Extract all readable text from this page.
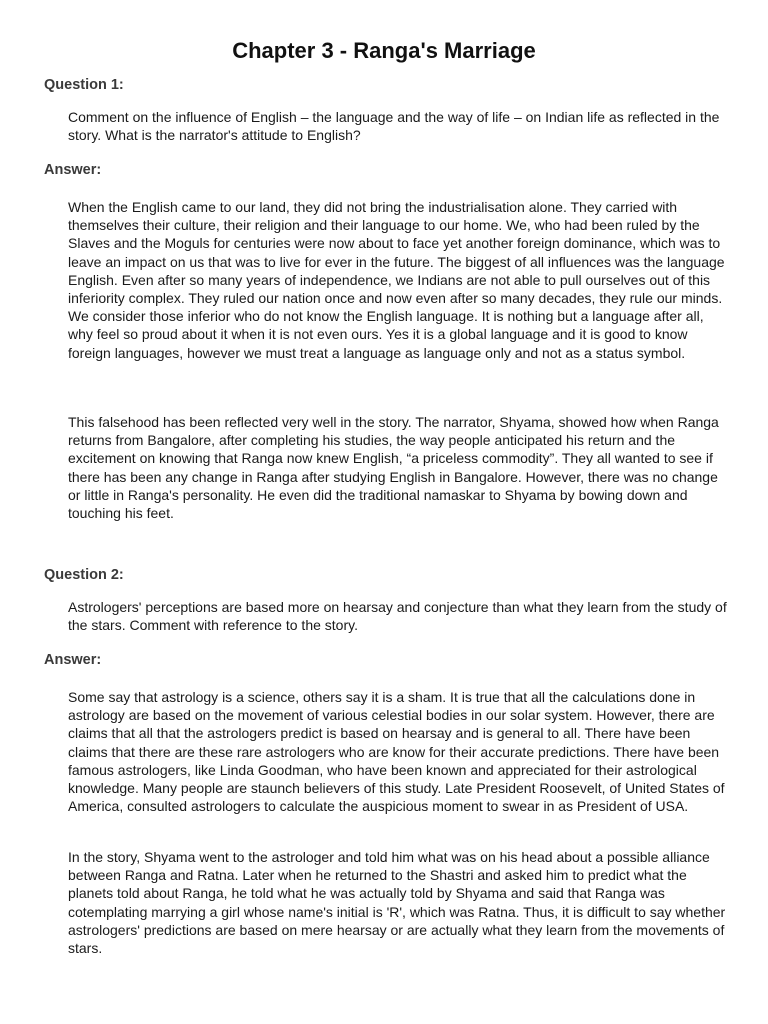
Chapter 3 - Ranga's Marriage

Question 1:

Comment on the influence of English – the language and the way of life – on Indian life as reflected in the story. What is the narrator's attitude to English?

Answer:

When the English came to our land, they did not bring the industrialisation alone. They carried with themselves their culture, their religion and their language to our home. We, who had been ruled by the Slaves and the Moguls for centuries were now about to face yet another foreign dominance, which was to leave an impact on us that was to live for ever in the future. The biggest of all influences was the language English. Even after so many years of independence, we Indians are not able to pull ourselves out of this inferiority complex. They ruled our nation once and now even after so many decades, they rule our minds. We consider those inferior who do not know the English language. It is nothing but a language after all, why feel so proud about it when it is not even ours. Yes it is a global language and it is good to know foreign languages, however we must treat a language as language only and not as a status symbol.

This falsehood has been reflected very well in the story. The narrator, Shyama, showed how when Ranga returns from Bangalore, after completing his studies, the way people anticipated his return and the excitement on knowing that Ranga now knew English, “a priceless commodity”. They all wanted to see if there has been any change in Ranga after studying English in Bangalore. However, there was no change or little in Ranga's personality. He even did the traditional namaskar to Shyama by bowing down and touching his feet.

Question 2:

Astrologers' perceptions are based more on hearsay and conjecture than what they learn from the study of the stars. Comment with reference to the story.

Answer:

Some say that astrology is a science, others say it is a sham. It is true that all the calculations done in astrology are based on the movement of various celestial bodies in our solar system. However, there are claims that all that the astrologers predict is based on hearsay and is general to all. There have been claims that there are these rare astrologers who are know for their accurate predictions. There have been famous astrologers, like Linda Goodman, who have been known and appreciated for their astrological knowledge. Many people are staunch believers of this study. Late President Roosevelt, of United States of America, consulted astrologers to calculate the auspicious moment to swear in as President of USA.

In the story, Shyama went to the astrologer and told him what was on his head about a possible alliance between Ranga and Ratna. Later when he returned to the Shastri and asked him to predict what the planets told about Ranga, he told what he was actually told by Shyama and said that Ranga was cotemplating marrying a girl whose name's initial is 'R', which was Ratna. Thus, it is difficult to say whether astrologers' predictions are based on mere hearsay or are actually what they learn from the movements of stars.
